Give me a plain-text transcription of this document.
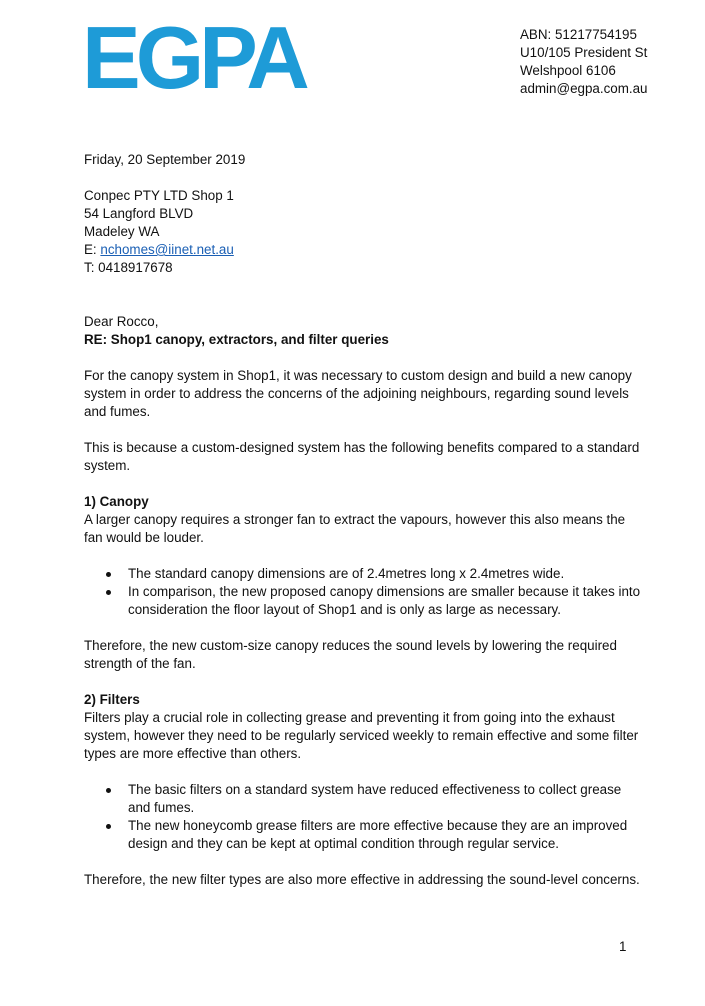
EGPA	ABN: 51217754195
U10/105 President St
Welshpool 6106
admin@egpa.com.au

Friday, 20 September 2019

Conpec PTY LTD Shop 1

54 Langford BLVD

Madeley WA

E: nchomes@iinet.net.au

T: 0418917678

Dear Rocco,

RE: Shop1 canopy, extractors, and filter queries

For the canopy system in Shop1, it was necessary to custom design and build a new canopy system in order to address the concerns of the adjoining neighbours, regarding sound levels and fumes.

This is because a custom-designed system has the following benefits compared to a standard system.

1) Canopy

A larger canopy requires a stronger fan to extract the vapours, however this also means the fan would be louder.

The standard canopy dimensions are of 2.4metres long x 2.4metres wide.
In comparison, the new proposed canopy dimensions are smaller because it takes into consideration the floor layout of Shop1 and is only as large as necessary.

Therefore, the new custom-size canopy reduces the sound levels by lowering the required strength of the fan.

2) Filters

Filters play a crucial role in collecting grease and preventing it from going into the exhaust system, however they need to be regularly serviced weekly to remain effective and some filter types are more effective than others.

The basic filters on a standard system have reduced effectiveness to collect grease and fumes.
The new honeycomb grease filters are more effective because they are an improved design and they can be kept at optimal condition through regular service.

Therefore, the new filter types are also more effective in addressing the sound-level concerns.

1
